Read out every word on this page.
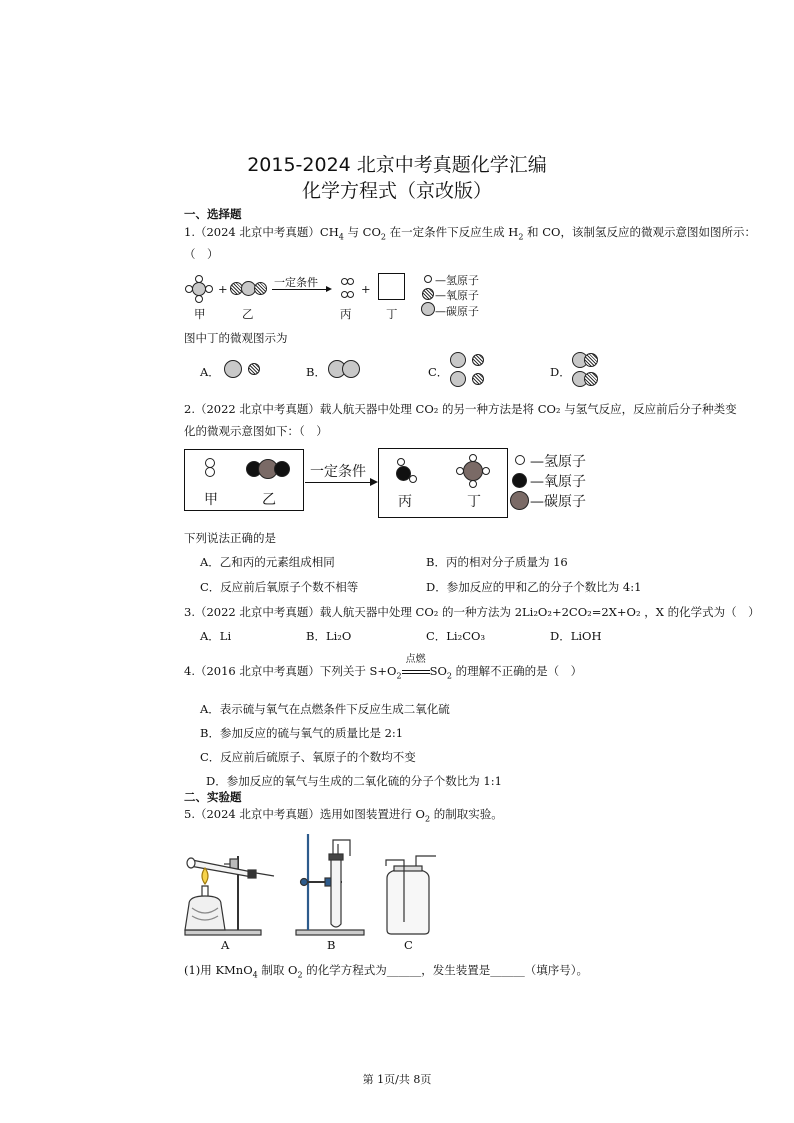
2015-2024 北京中考真题化学汇编
化学方程式（京改版）
一、选择题
1.（2024 北京中考真题）$CH_4$ 与 $CO_2$ 在一定条件下反应生成 $H_2$ 和 CO，该制氢反应的微观示意图如图所示：
（　）
+	一定条件	+
—氢原子
—氧原子
—碳原子
甲	乙	丙	丁
图中丁的微观图示为
A．	B．	C．	D．
2.（2022 北京中考真题）载人航天器中处理 CO₂ 的另一种方法是将 CO₂ 与氢气反应，反应前后分子种类变
化的微观示意图如下：（　）
甲	乙
一定条件
丙	丁
—氢原子
—氧原子
—碳原子
下列说法正确的是
A．乙和丙的元素组成相同	B．丙的相对分子质量为 16
C．反应前后氧原子个数不相等	D．参加反应的甲和乙的分子个数比为 4:1
3.（2022 北京中考真题）载人航天器中处理 CO₂ 的一种方法为 2Li₂O₂+2CO₂=2X+O₂ ，X 的化学式为（　）
A．Li	B．Li₂O	C．Li₂CO₃	D．LiOH
4.（2016 北京中考真题）下列关于 $S+O_2$
点燃
$SO_2$ 的理解不正确的是（　）
A．表示硫与氧气在点燃条件下反应生成二氧化硫
B．参加反应的硫与氧气的质量比是 2:1
C．反应前后硫原子、氧原子的个数均不变
D．参加反应的氧气与生成的二氧化硫的分子个数比为 1:1
二、实验题
5.（2024 北京中考真题）选用如图装置进行 $O_2$ 的制取实验。
A	B	C
(1)用 KMnO$_4$ 制取 $O_2$ 的化学方程式为______，发生装置是______（填序号）。
第 1页/共 8页
